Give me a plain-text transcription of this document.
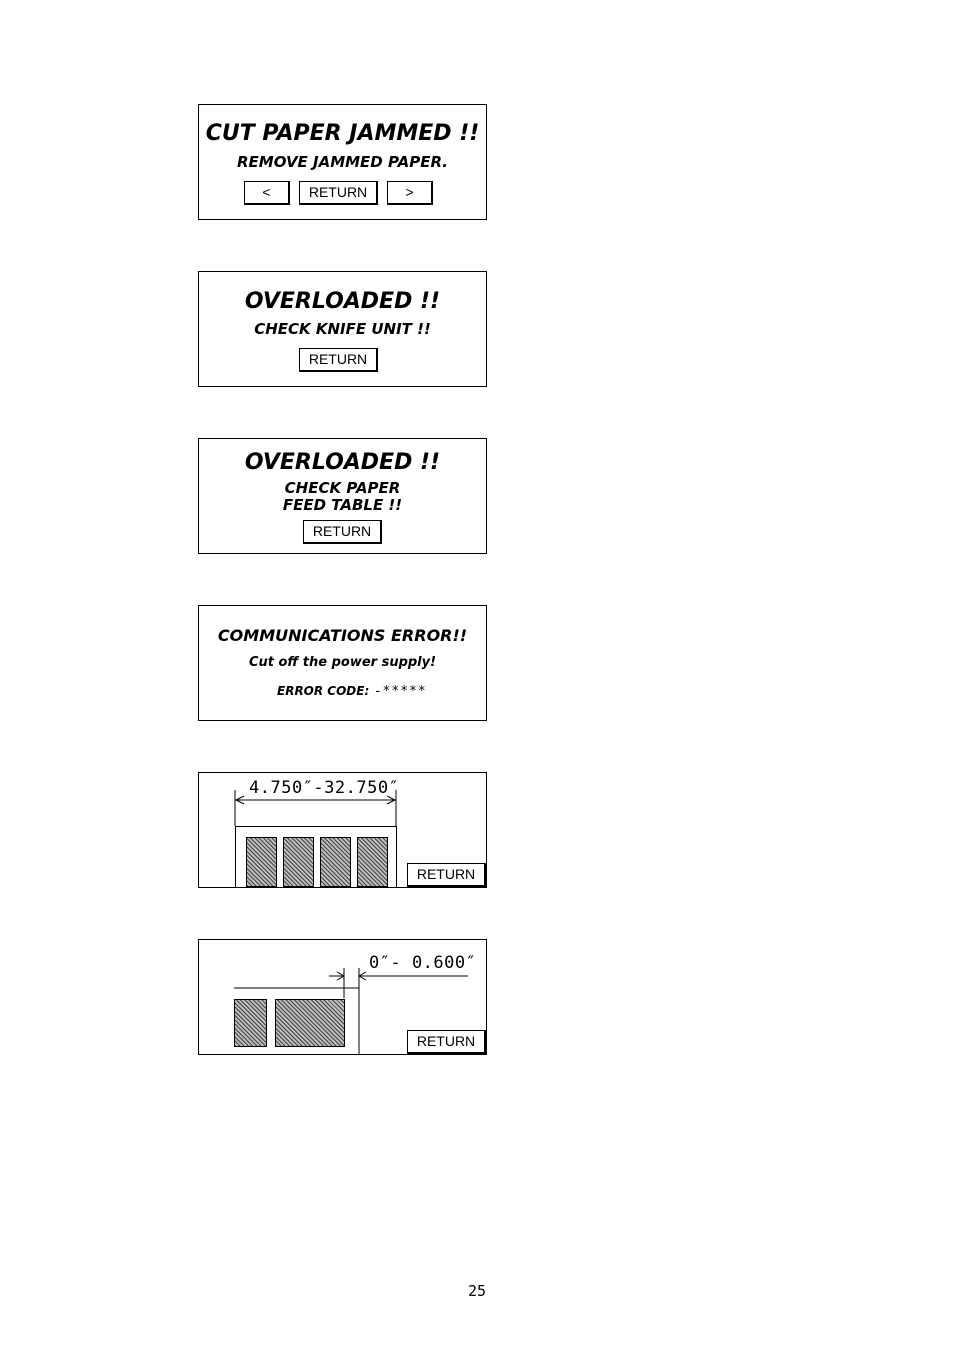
CUT PAPER JAMMED !!
REMOVE JAMMED PAPER.
<	RETURN	>
OVERLOADED !!
CHECK KNIFE UNIT !!
RETURN
OVERLOADED !!
CHECK PAPER
FEED TABLE !!
RETURN
COMMUNICATIONS ERROR!!
Cut off the power supply!
ERROR CODE: -*****
4.750″-32.750″
RETURN
0″- 0.600″
RETURN
25
